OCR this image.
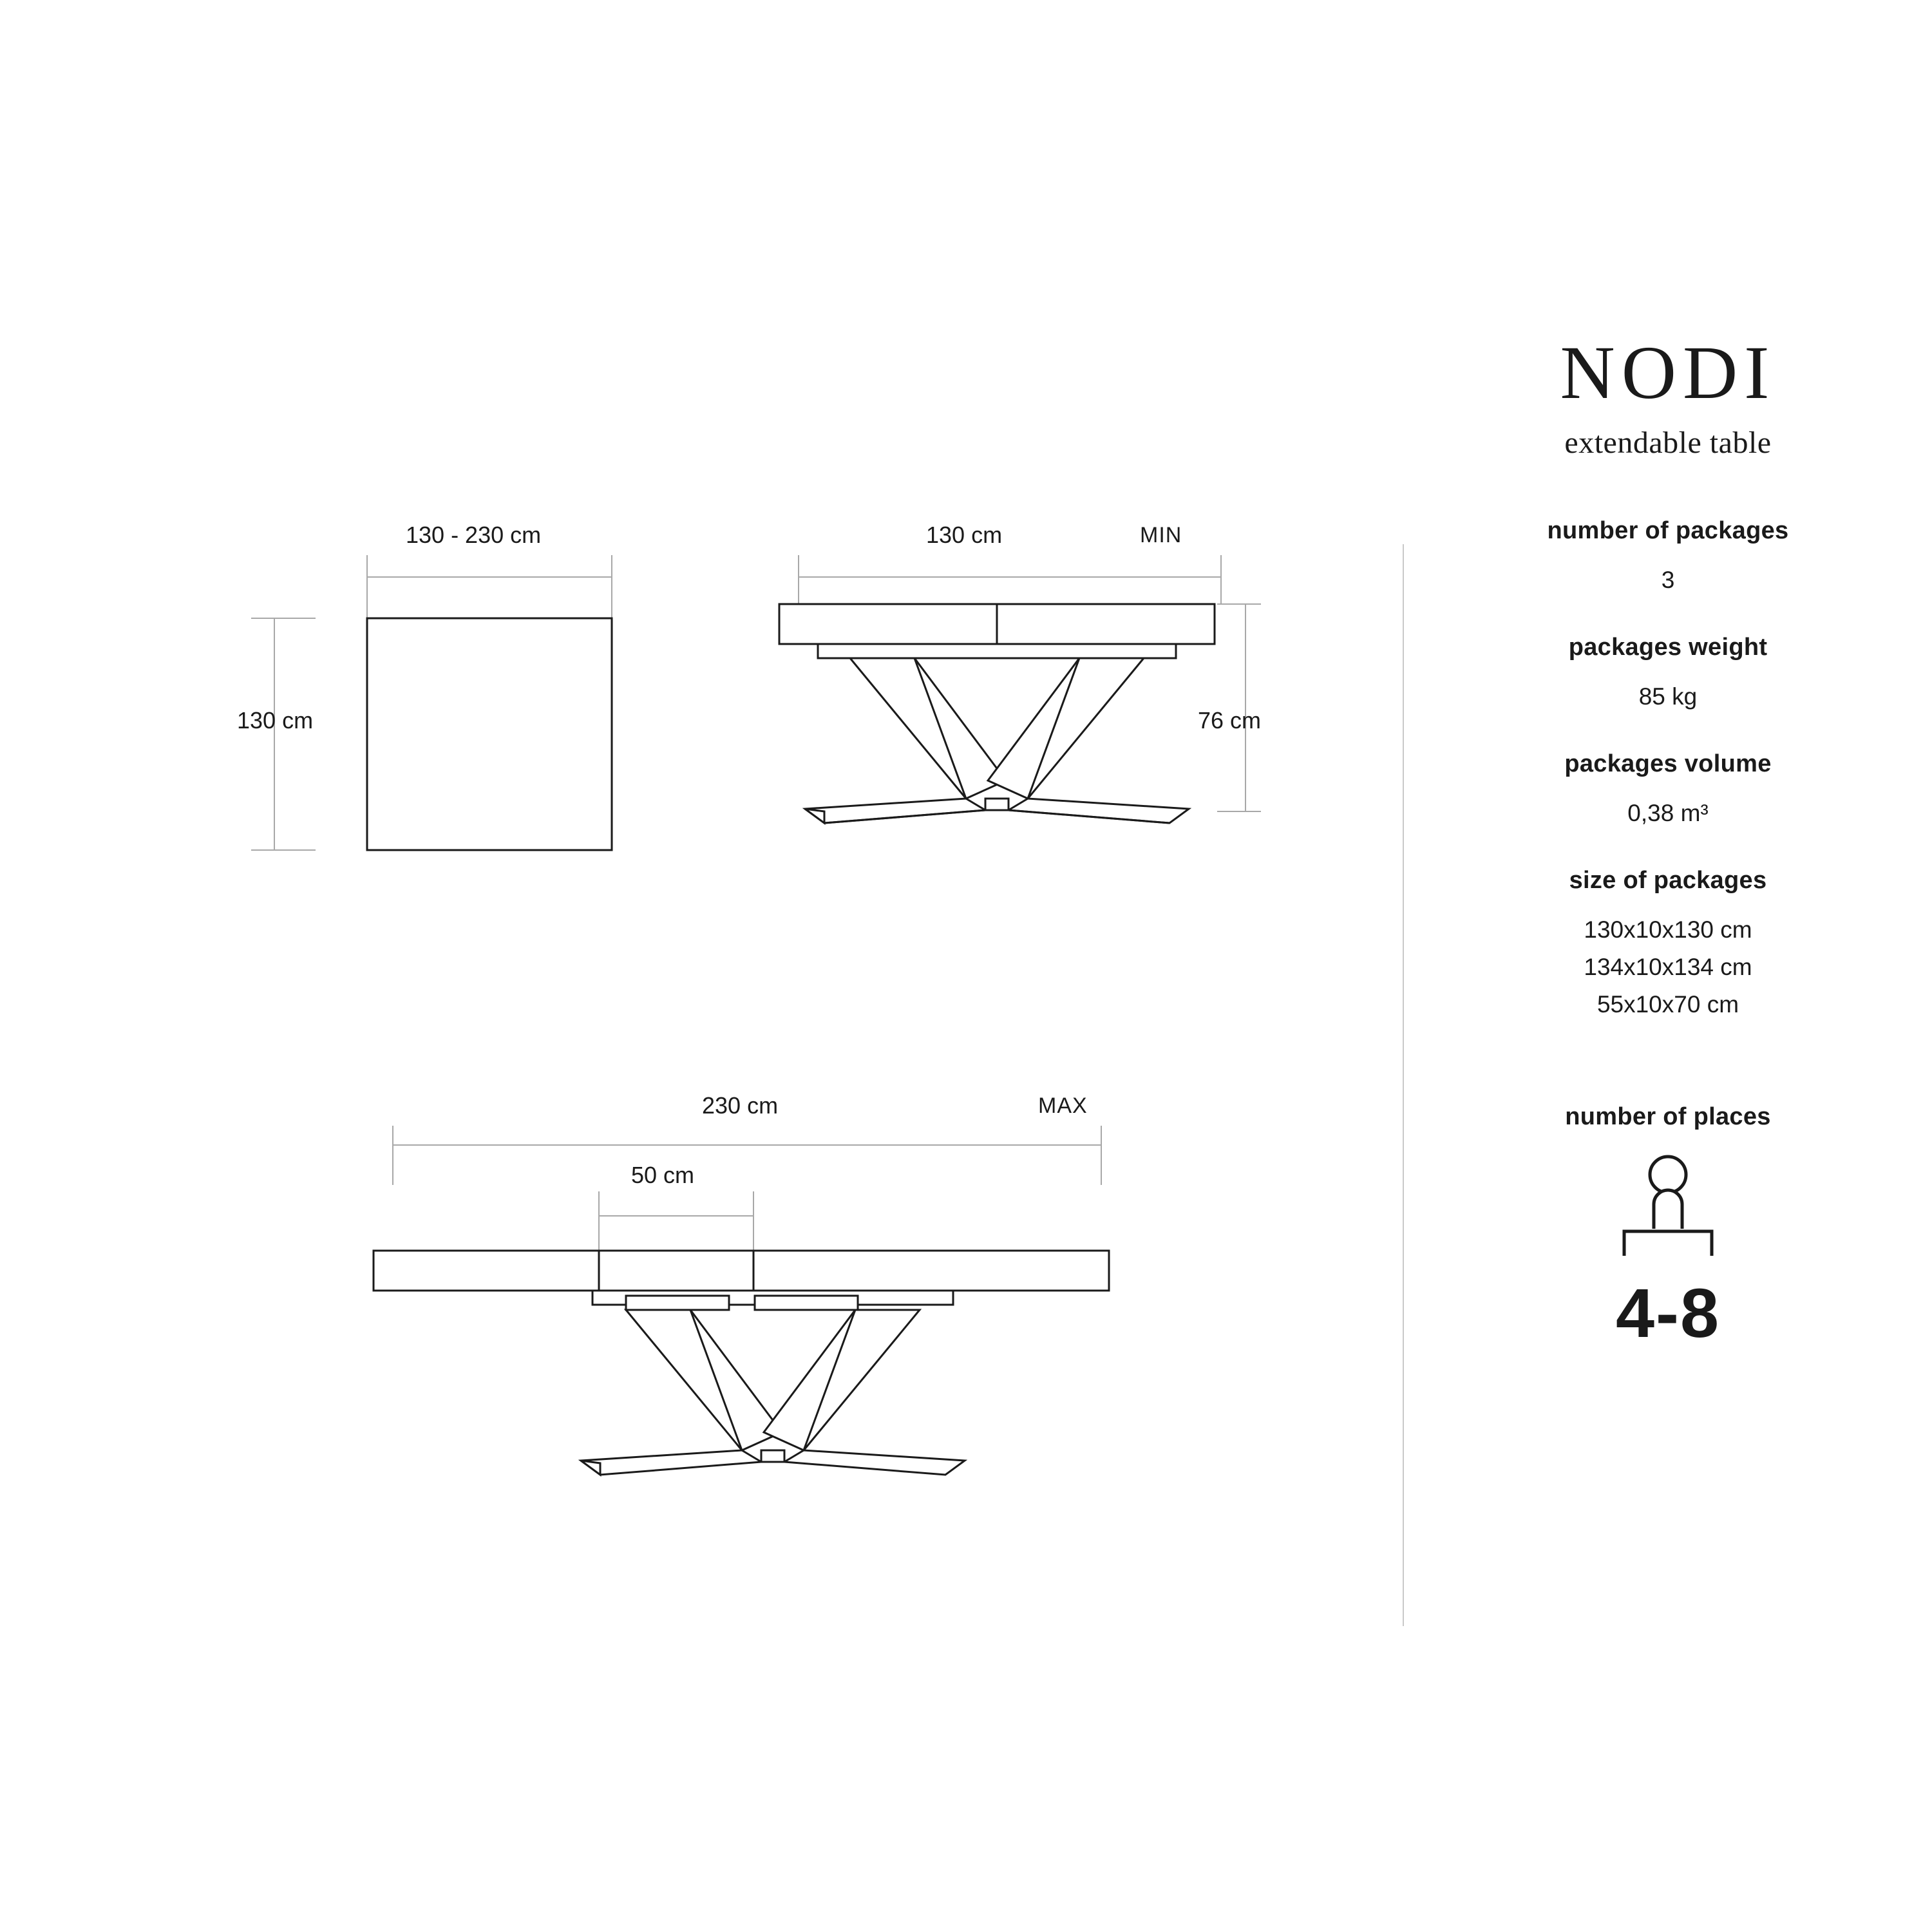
130 - 230 cm
130 cm
130 cm	MIN
76 cm
230 cm	MAX
50 cm
NODI

extendable table

number of packages

3

packages weight

85 kg

packages volume

0,38 m³

size of packages

130x10x130 cm

134x10x134 cm

55x10x70 cm

number of places

4-8
